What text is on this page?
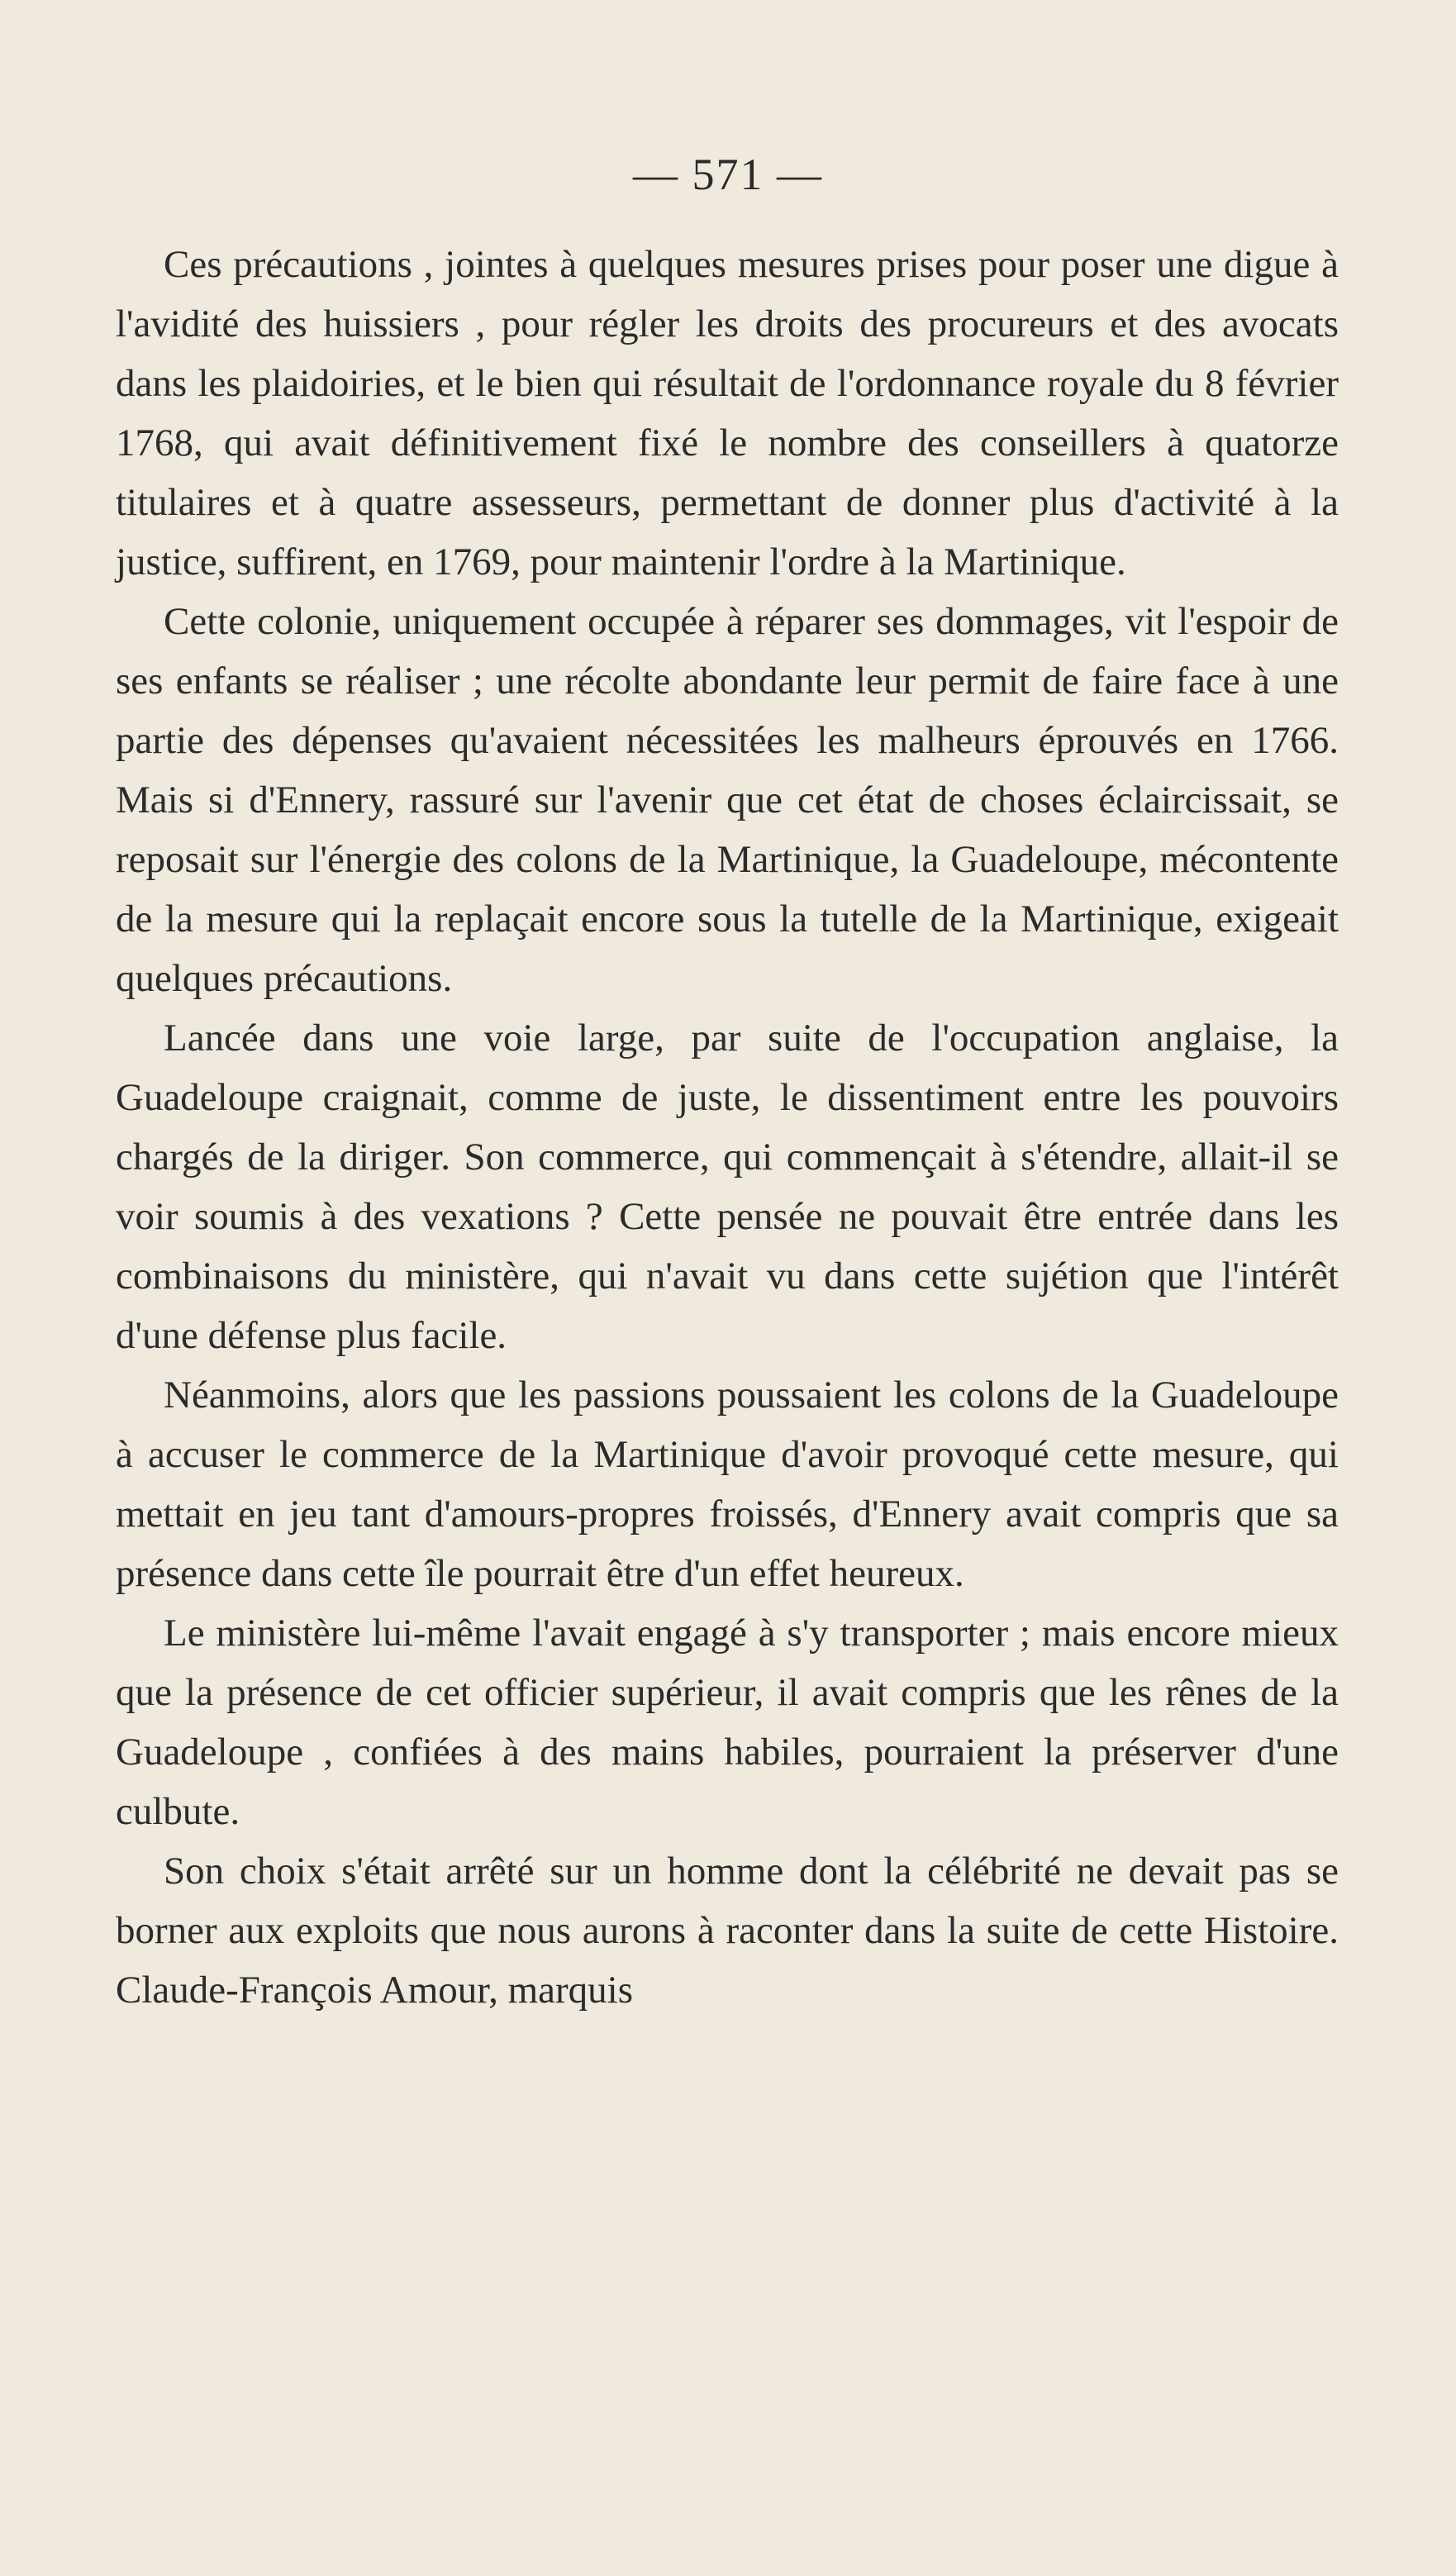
— 571 —

Ces précautions , jointes à quelques mesures prises pour poser une digue à l'avidité des huissiers , pour régler les droits des procureurs et des avocats dans les plaidoiries, et le bien qui résultait de l'ordonnance royale du 8 février 1768, qui avait définitivement fixé le nombre des conseillers à quatorze titulaires et à quatre assesseurs, permettant de donner plus d'activité à la justice, suffirent, en 1769, pour maintenir l'ordre à la Martinique.

Cette colonie, uniquement occupée à réparer ses dommages, vit l'espoir de ses enfants se réaliser ; une récolte abondante leur permit de faire face à une partie des dépenses qu'avaient nécessitées les malheurs éprouvés en 1766. Mais si d'Ennery, rassuré sur l'avenir que cet état de choses éclaircissait, se reposait sur l'énergie des colons de la Martinique, la Guadeloupe, mécontente de la mesure qui la replaçait encore sous la tutelle de la Martinique, exigeait quelques précautions.

Lancée dans une voie large, par suite de l'occupation anglaise, la Guadeloupe craignait, comme de juste, le dissentiment entre les pouvoirs chargés de la diriger. Son commerce, qui commençait à s'étendre, allait-il se voir soumis à des vexations ? Cette pensée ne pouvait être entrée dans les combinaisons du ministère, qui n'avait vu dans cette sujétion que l'intérêt d'une défense plus facile.

Néanmoins, alors que les passions poussaient les colons de la Guadeloupe à accuser le commerce de la Martinique d'avoir provoqué cette mesure, qui mettait en jeu tant d'amours-propres froissés, d'Ennery avait compris que sa présence dans cette île pourrait être d'un effet heureux.

Le ministère lui-même l'avait engagé à s'y transporter ; mais encore mieux que la présence de cet officier supérieur, il avait compris que les rênes de la Guadeloupe , confiées à des mains habiles, pourraient la préserver d'une culbute.

Son choix s'était arrêté sur un homme dont la célébrité ne devait pas se borner aux exploits que nous aurons à raconter dans la suite de cette Histoire. Claude-François Amour, marquis
